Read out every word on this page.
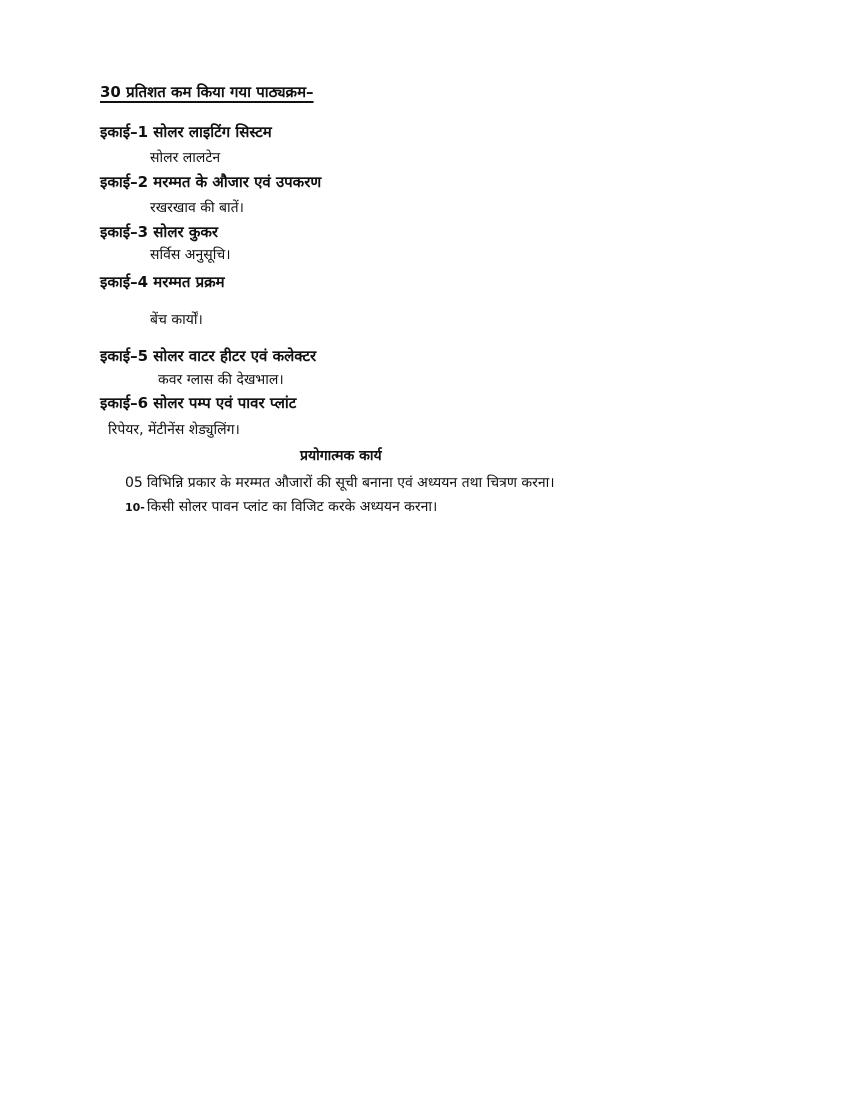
30 प्रतिशत कम किया गया पाठ्यक्रम–
इकाई–1 सोलर लाइटिंग सिस्टम
सोलर लालटेन
इकाई–2 मरम्मत के औजार एवं उपकरण
रखरखाव की बातें।
इकाई–3 सोलर कुकर
सर्विस अनुसूचि।
इकाई–4 मरम्मत प्रक्रम
बेंच कार्यों।
इकाई–5 सोलर वाटर हीटर एवं कलेक्टर
कवर ग्लास की देखभाल।
इकाई–6 सोलर पम्प एवं पावर प्लांट
रिपेयर, मेंटीनेंस शेड्युलिंग।
प्रयोगात्मक कार्य
05 विभिन्नि प्रकार के मरम्मत औजारों की सूची बनाना एवं अध्ययन तथा चित्रण करना।
10- किसी सोलर पावन प्लांट का विजिट करके अध्ययन करना।
